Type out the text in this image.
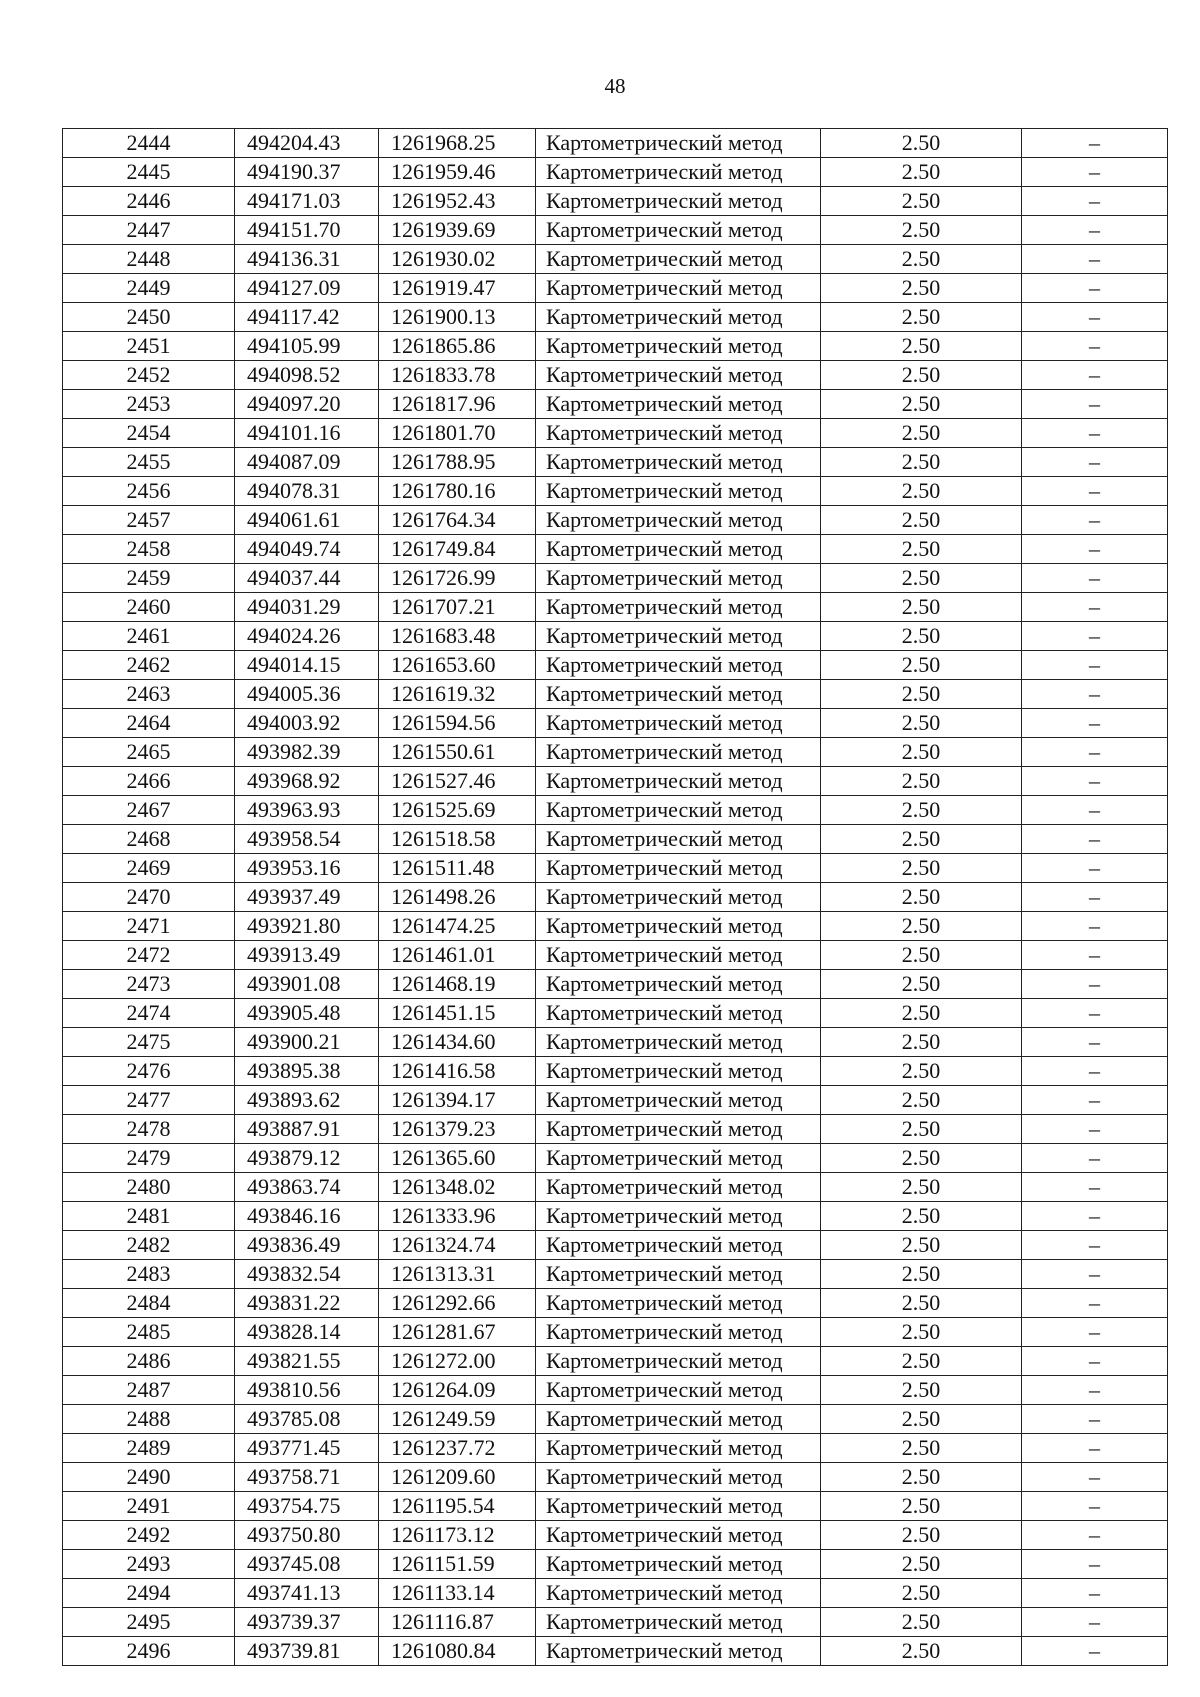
48
2444	494204.43	1261968.25	Картометрический метод	2.50	–
2445	494190.37	1261959.46	Картометрический метод	2.50	–
2446	494171.03	1261952.43	Картометрический метод	2.50	–
2447	494151.70	1261939.69	Картометрический метод	2.50	–
2448	494136.31	1261930.02	Картометрический метод	2.50	–
2449	494127.09	1261919.47	Картометрический метод	2.50	–
2450	494117.42	1261900.13	Картометрический метод	2.50	–
2451	494105.99	1261865.86	Картометрический метод	2.50	–
2452	494098.52	1261833.78	Картометрический метод	2.50	–
2453	494097.20	1261817.96	Картометрический метод	2.50	–
2454	494101.16	1261801.70	Картометрический метод	2.50	–
2455	494087.09	1261788.95	Картометрический метод	2.50	–
2456	494078.31	1261780.16	Картометрический метод	2.50	–
2457	494061.61	1261764.34	Картометрический метод	2.50	–
2458	494049.74	1261749.84	Картометрический метод	2.50	–
2459	494037.44	1261726.99	Картометрический метод	2.50	–
2460	494031.29	1261707.21	Картометрический метод	2.50	–
2461	494024.26	1261683.48	Картометрический метод	2.50	–
2462	494014.15	1261653.60	Картометрический метод	2.50	–
2463	494005.36	1261619.32	Картометрический метод	2.50	–
2464	494003.92	1261594.56	Картометрический метод	2.50	–
2465	493982.39	1261550.61	Картометрический метод	2.50	–
2466	493968.92	1261527.46	Картометрический метод	2.50	–
2467	493963.93	1261525.69	Картометрический метод	2.50	–
2468	493958.54	1261518.58	Картометрический метод	2.50	–
2469	493953.16	1261511.48	Картометрический метод	2.50	–
2470	493937.49	1261498.26	Картометрический метод	2.50	–
2471	493921.80	1261474.25	Картометрический метод	2.50	–
2472	493913.49	1261461.01	Картометрический метод	2.50	–
2473	493901.08	1261468.19	Картометрический метод	2.50	–
2474	493905.48	1261451.15	Картометрический метод	2.50	–
2475	493900.21	1261434.60	Картометрический метод	2.50	–
2476	493895.38	1261416.58	Картометрический метод	2.50	–
2477	493893.62	1261394.17	Картометрический метод	2.50	–
2478	493887.91	1261379.23	Картометрический метод	2.50	–
2479	493879.12	1261365.60	Картометрический метод	2.50	–
2480	493863.74	1261348.02	Картометрический метод	2.50	–
2481	493846.16	1261333.96	Картометрический метод	2.50	–
2482	493836.49	1261324.74	Картометрический метод	2.50	–
2483	493832.54	1261313.31	Картометрический метод	2.50	–
2484	493831.22	1261292.66	Картометрический метод	2.50	–
2485	493828.14	1261281.67	Картометрический метод	2.50	–
2486	493821.55	1261272.00	Картометрический метод	2.50	–
2487	493810.56	1261264.09	Картометрический метод	2.50	–
2488	493785.08	1261249.59	Картометрический метод	2.50	–
2489	493771.45	1261237.72	Картометрический метод	2.50	–
2490	493758.71	1261209.60	Картометрический метод	2.50	–
2491	493754.75	1261195.54	Картометрический метод	2.50	–
2492	493750.80	1261173.12	Картометрический метод	2.50	–
2493	493745.08	1261151.59	Картометрический метод	2.50	–
2494	493741.13	1261133.14	Картометрический метод	2.50	–
2495	493739.37	1261116.87	Картометрический метод	2.50	–
2496	493739.81	1261080.84	Картометрический метод	2.50	–
